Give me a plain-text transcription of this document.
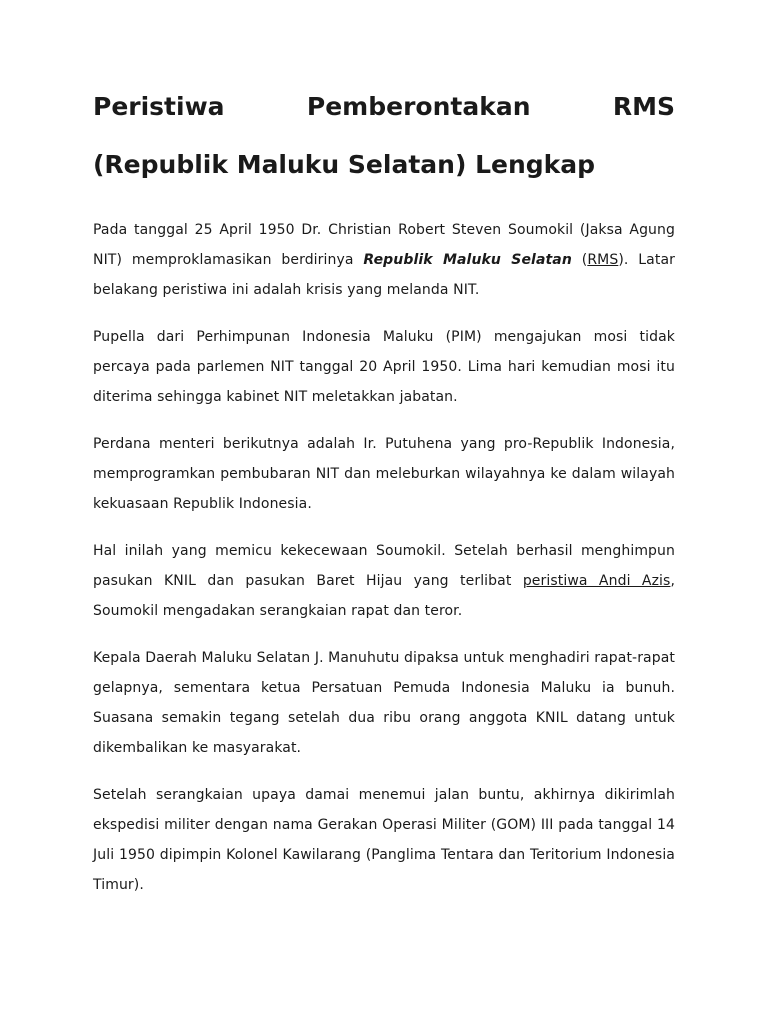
Peristiwa	Pemberontakan	RMS
(Republik Maluku Selatan) Lengkap

Pada tanggal 25 April 1950 Dr. Christian Robert Steven Soumokil (Jaksa Agung NIT) memproklamasikan berdirinya Republik Maluku Selatan (RMS). Latar belakang peristiwa ini adalah krisis yang melanda NIT.

Pupella dari Perhimpunan Indonesia Maluku (PIM) mengajukan mosi tidak percaya pada parlemen NIT tanggal 20 April 1950. Lima hari kemudian mosi itu diterima sehingga kabinet NIT meletakkan jabatan.

Perdana menteri berikutnya adalah Ir. Putuhena yang pro-Republik Indonesia, memprogramkan pembubaran NIT dan meleburkan wilayahnya ke dalam wilayah kekuasaan Republik Indonesia.

Hal inilah yang memicu kekecewaan Soumokil. Setelah berhasil menghimpun pasukan KNIL dan pasukan Baret Hijau yang terlibat peristiwa Andi Azis, Soumokil mengadakan serangkaian rapat dan teror.

Kepala Daerah Maluku Selatan J. Manuhutu dipaksa untuk menghadiri rapat-rapat gelapnya, sementara ketua Persatuan Pemuda Indonesia Maluku ia bunuh. Suasana semakin tegang setelah dua ribu orang anggota KNIL datang untuk dikembalikan ke masyarakat.

Setelah serangkaian upaya damai menemui jalan buntu, akhirnya dikirimlah ekspedisi militer dengan nama Gerakan Operasi Militer (GOM) III pada tanggal 14 Juli 1950 dipimpin Kolonel Kawilarang (Panglima Tentara dan Teritorium Indonesia Timur).
